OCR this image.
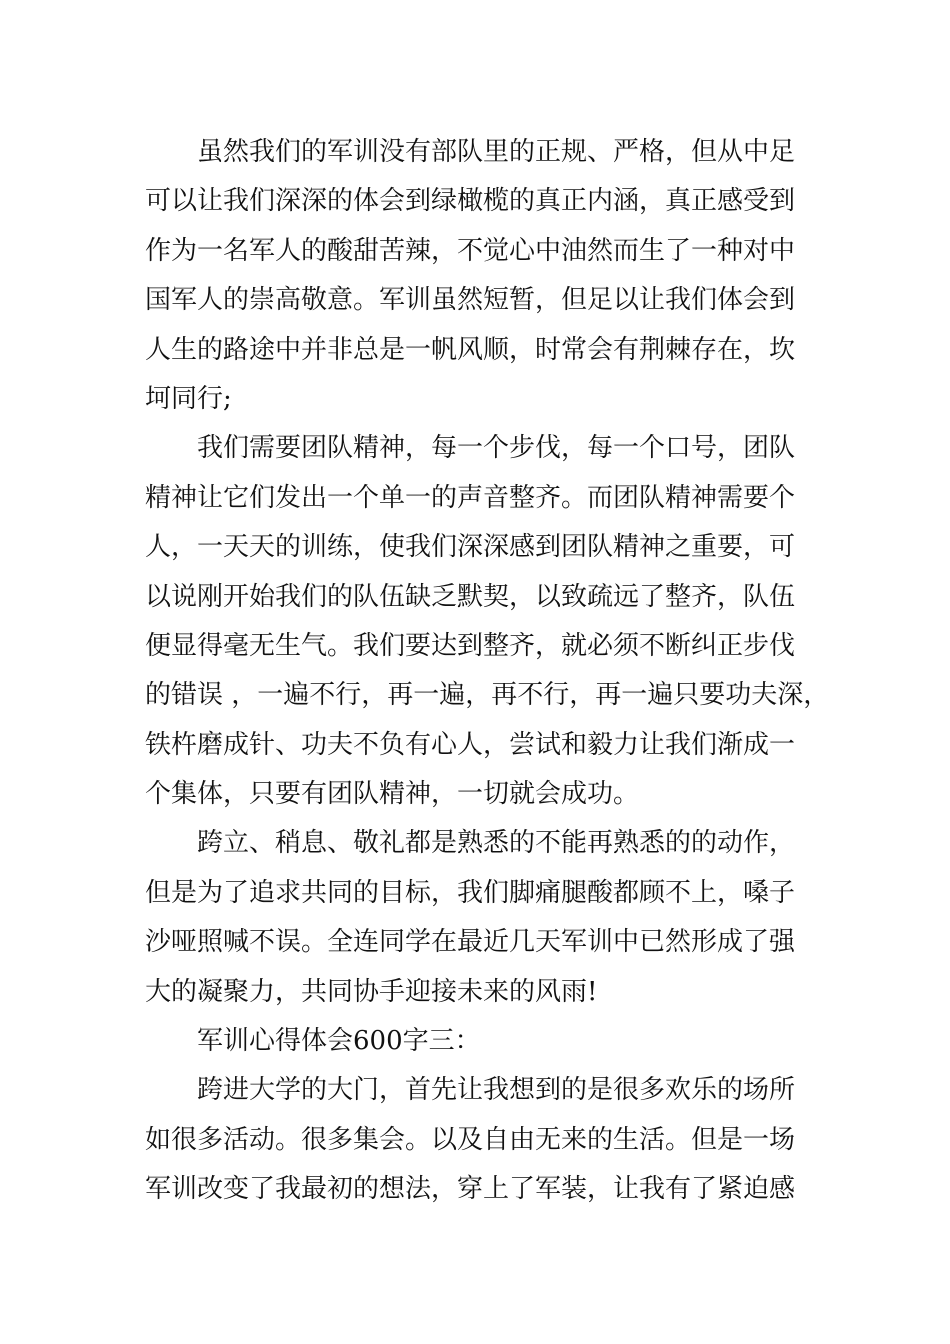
虽然我们的军训没有部队里的正规、严格，但从中足
可以让我们深深的体会到绿橄榄的真正内涵，真正感受到
作为一名军人的酸甜苦辣，不觉心中油然而生了一种对中
国军人的崇高敬意。军训虽然短暂，但足以让我们体会到
人生的路途中并非总是一帆风顺，时常会有荆棘存在，坎
坷同行;
我们需要团队精神，每一个步伐，每一个口号，团队
精神让它们发出一个单一的声音整齐。而团队精神需要个
人，一天天的训练，使我们深深感到团队精神之重要，可
以说刚开始我们的队伍缺乏默契，以致疏远了整齐，队伍
便显得毫无生气。我们要达到整齐，就必须不断纠正步伐
的错误 ，一遍不行，再一遍，再不行，再一遍只要功夫深，
铁杵磨成针、功夫不负有心人，尝试和毅力让我们渐成一
个集体，只要有团队精神，一切就会成功。
跨立、稍息、敬礼都是熟悉的不能再熟悉的的动作，
但是为了追求共同的目标，我们脚痛腿酸都顾不上，嗓子
沙哑照喊不误。全连同学在最近几天军训中已然形成了强
大的凝聚力，共同协手迎接未来的风雨!
军训心得体会600字三：
跨进大学的大门，首先让我想到的是很多欢乐的场所
如很多活动。很多集会。以及自由无来的生活。但是一场
军训改变了我最初的想法，穿上了军装，让我有了紧迫感
